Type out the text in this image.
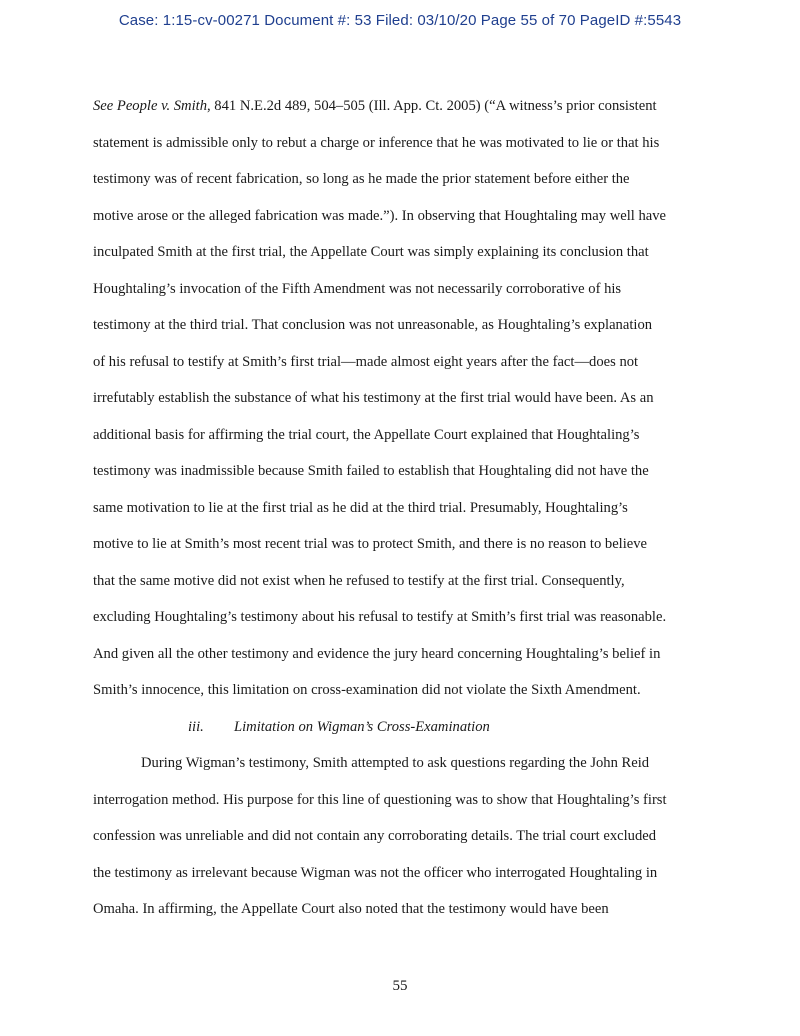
Case: 1:15-cv-00271 Document #: 53 Filed: 03/10/20 Page 55 of 70 PageID #:5543
See People v. Smith, 841 N.E.2d 489, 504–505 (Ill. App. Ct. 2005) (“A witness’s prior consistent
statement is admissible only to rebut a charge or inference that he was motivated to lie or that his
testimony was of recent fabrication, so long as he made the prior statement before either the
motive arose or the alleged fabrication was made.”). In observing that Houghtaling may well have
inculpated Smith at the first trial, the Appellate Court was simply explaining its conclusion that
Houghtaling’s invocation of the Fifth Amendment was not necessarily corroborative of his
testimony at the third trial. That conclusion was not unreasonable, as Houghtaling’s explanation
of his refusal to testify at Smith’s first trial—made almost eight years after the fact—does not
irrefutably establish the substance of what his testimony at the first trial would have been. As an
additional basis for affirming the trial court, the Appellate Court explained that Houghtaling’s
testimony was inadmissible because Smith failed to establish that Houghtaling did not have the
same motivation to lie at the first trial as he did at the third trial. Presumably, Houghtaling’s
motive to lie at Smith’s most recent trial was to protect Smith, and there is no reason to believe
that the same motive did not exist when he refused to testify at the first trial. Consequently,
excluding Houghtaling’s testimony about his refusal to testify at Smith’s first trial was reasonable.
And given all the other testimony and evidence the jury heard concerning Houghtaling’s belief in
Smith’s innocence, this limitation on cross-examination did not violate the Sixth Amendment.
iii. Limitation on Wigman’s Cross-Examination
During Wigman’s testimony, Smith attempted to ask questions regarding the John Reid
interrogation method. His purpose for this line of questioning was to show that Houghtaling’s first
confession was unreliable and did not contain any corroborating details. The trial court excluded
the testimony as irrelevant because Wigman was not the officer who interrogated Houghtaling in
Omaha. In affirming, the Appellate Court also noted that the testimony would have been
55
